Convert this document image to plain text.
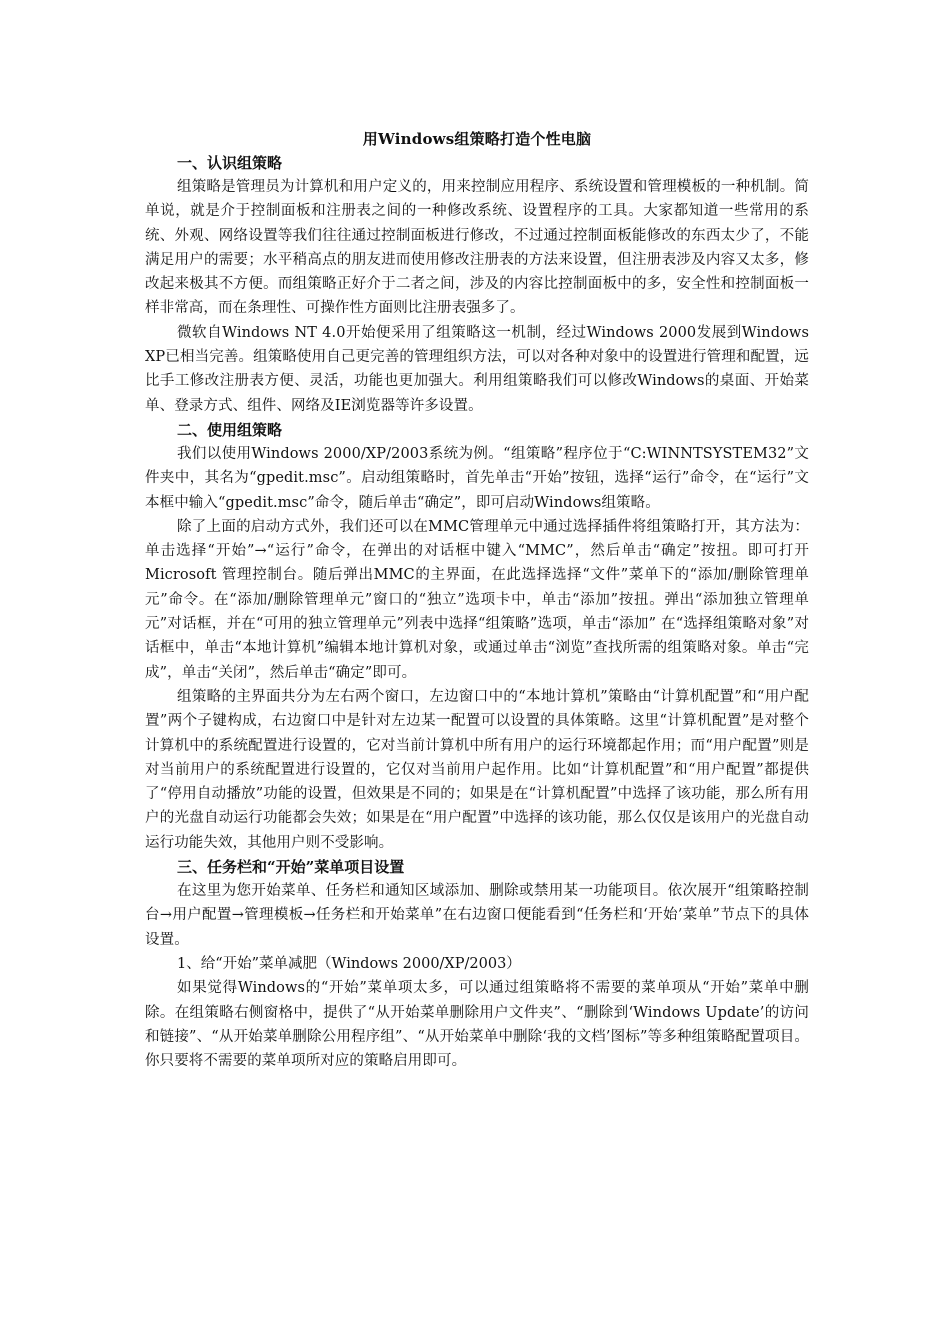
用Windows组策略打造个性电脑

一、认识组策略

组策略是管理员为计算机和用户定义的，用来控制应用程序、系统设置和管理模板的一种机制。简单说，就是介于控制面板和注册表之间的一种修改系统、设置程序的工具。大家都知道一些常用的系统、外观、网络设置等我们往往通过控制面板进行修改，不过通过控制面板能修改的东西太少了，不能满足用户的需要；水平稍高点的朋友进而使用修改注册表的方法来设置，但注册表涉及内容又太多，修改起来极其不方便。而组策略正好介于二者之间，涉及的内容比控制面板中的多，安全性和控制面板一样非常高，而在条理性、可操作性方面则比注册表强多了。

微软自Windows NT 4.0开始便采用了组策略这一机制，经过Windows 2000发展到Windows XP已相当完善。组策略使用自己更完善的管理组织方法，可以对各种对象中的设置进行管理和配置，远比手工修改注册表方便、灵活，功能也更加强大。利用组策略我们可以修改Windows的桌面、开始菜单、登录方式、组件、网络及IE浏览器等许多设置。

二、使用组策略

我们以使用Windows 2000/XP/2003系统为例。“组策略”程序位于“C:WINNTSYSTEM32”文件夹中，其名为“gpedit.msc”。启动组策略时，首先单击“开始”按钮，选择“运行”命令，在“运行”文本框中输入“gpedit.msc”命令，随后单击“确定”，即可启动Windows组策略。

除了上面的启动方式外，我们还可以在MMC管理单元中通过选择插件将组策略打开，其方法为：单击选择“开始”→“运行”命令，在弹出的对话框中键入“MMC”，然后单击“确定”按扭。即可打开 Microsoft 管理控制台。随后弹出MMC的主界面，在此选择选择“文件”菜单下的“添加/删除管理单元”命令。在“添加/删除管理单元”窗口的“独立”选项卡中，单击“添加”按扭。弹出“添加独立管理单元”对话框，并在“可用的独立管理单元”列表中选择“组策略”选项，单击“添加” 在“选择组策略对象”对话框中，单击“本地计算机”编辑本地计算机对象，或通过单击“浏览”查找所需的组策略对象。单击“完成”，单击“关闭”，然后单击“确定”即可。

组策略的主界面共分为左右两个窗口，左边窗口中的“本地计算机”策略由“计算机配置”和“用户配置”两个子键构成，右边窗口中是针对左边某一配置可以设置的具体策略。这里“计算机配置”是对整个计算机中的系统配置进行设置的，它对当前计算机中所有用户的运行环境都起作用；而“用户配置”则是对当前用户的系统配置进行设置的，它仅对当前用户起作用。比如“计算机配置”和“用户配置”都提供了“停用自动播放”功能的设置，但效果是不同的；如果是在“计算机配置”中选择了该功能，那么所有用户的光盘自动运行功能都会失效；如果是在“用户配置”中选择的该功能，那么仅仅是该用户的光盘自动运行功能失效，其他用户则不受影响。

三、任务栏和“开始”菜单项目设置

在这里为您开始菜单、任务栏和通知区域添加、删除或禁用某一功能项目。依次展开“组策略控制台→用户配置→管理模板→任务栏和开始菜单”在右边窗口便能看到“任务栏和‘开始’菜单”节点下的具体设置。

1、给“开始”菜单减肥（Windows 2000/XP/2003）

如果觉得Windows的“开始”菜单项太多，可以通过组策略将不需要的菜单项从“开始”菜单中删除。在组策略右侧窗格中，提供了“从开始菜单删除用户文件夹”、“删除到‘Windows Update’的访问和链接”、“从开始菜单删除公用程序组”、“从开始菜单中删除‘我的文档’图标”等多种组策略配置项目。你只要将不需要的菜单项所对应的策略启用即可。
